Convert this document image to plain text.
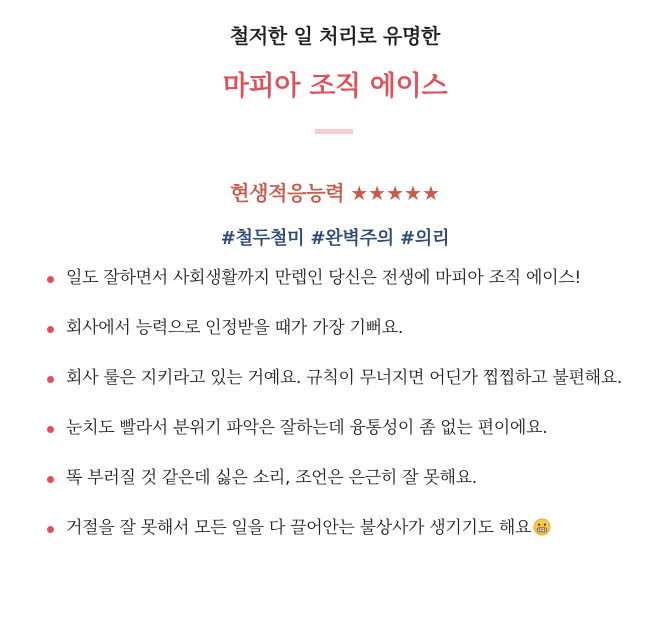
철저한 일 처리로 유명한
마피아 조직 에이스
현생적응능력 ★★★★★
#철두철미 #완벽주의 #의리
일도 잘하면서 사회생활까지 만렙인 당신은 전생에 마피아 조직 에이스!
회사에서 능력으로 인정받을 때가 가장 기뻐요.
회사 룰은 지키라고 있는 거예요. 규칙이 무너지면 어딘가 찝찝하고 불편해요.
눈치도 빨라서 분위기 파악은 잘하는데 융통성이 좀 없는 편이에요.
똑 부러질 것 같은데 싫은 소리, 조언은 은근히 잘 못해요.
거절을 잘 못해서 모든 일을 다 끌어안는 불상사가 생기기도 해요
